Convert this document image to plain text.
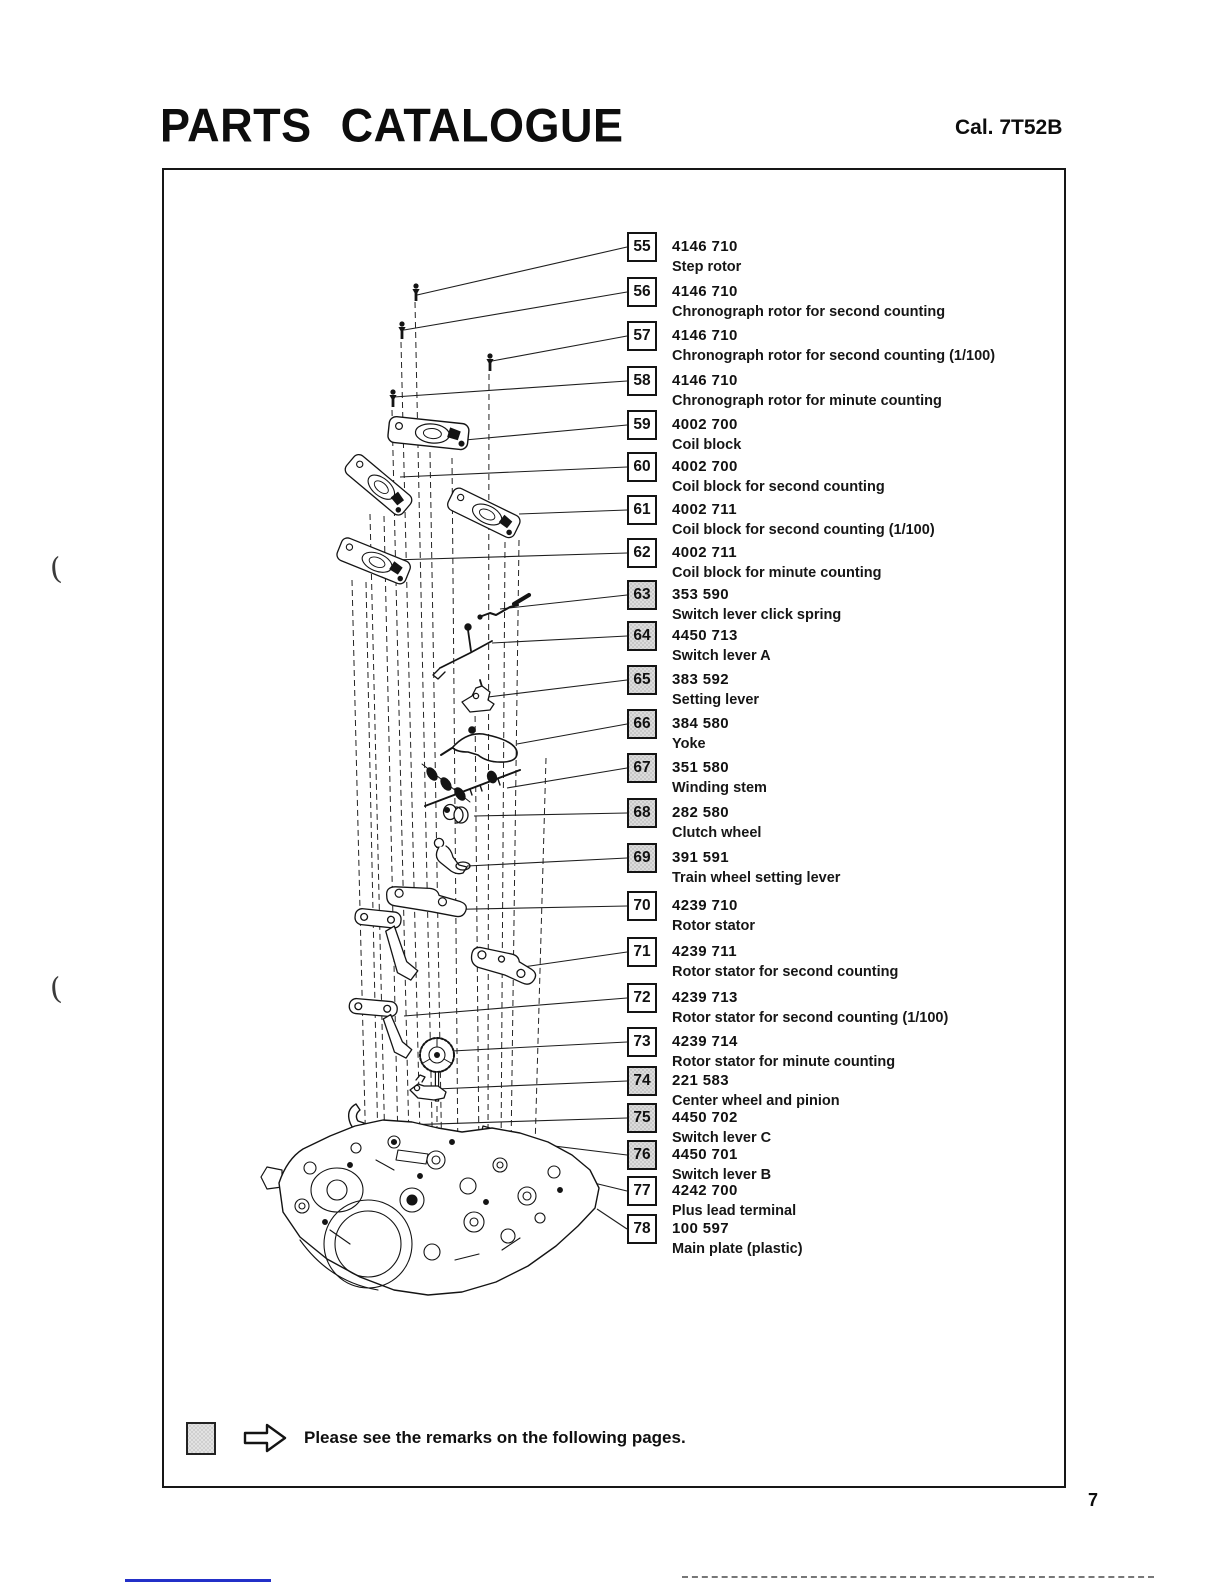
PARTS CATALOGUE	Cal. 7T52B
55	4146 710
Step rotor
56	4146 710
Chronograph rotor for second counting
57	4146 710
Chronograph rotor for second counting (1/100)
58	4146 710
Chronograph rotor for minute counting
59	4002 700
Coil block
60	4002 700
Coil block for second counting
61	4002 711
Coil block for second counting (1/100)
62	4002 711
Coil block for minute counting
63	353 590
Switch lever click spring
64	4450 713
Switch lever A
65	383 592
Setting lever
66	384 580
Yoke
67	351 580
Winding stem
68	282 580
Clutch wheel
69	391 591
Train wheel setting lever
70	4239 710
Rotor stator
71	4239 711
Rotor stator for second counting
72	4239 713
Rotor stator for second counting (1/100)
73	4239 714
Rotor stator for minute counting
74	221 583
Center wheel and pinion
75	4450 702
Switch lever C
76	4450 701
Switch lever B
77	4242 700
Plus lead terminal
78	100 597
Main plate (plastic)
Please see the remarks on the following pages.
7
(
(
